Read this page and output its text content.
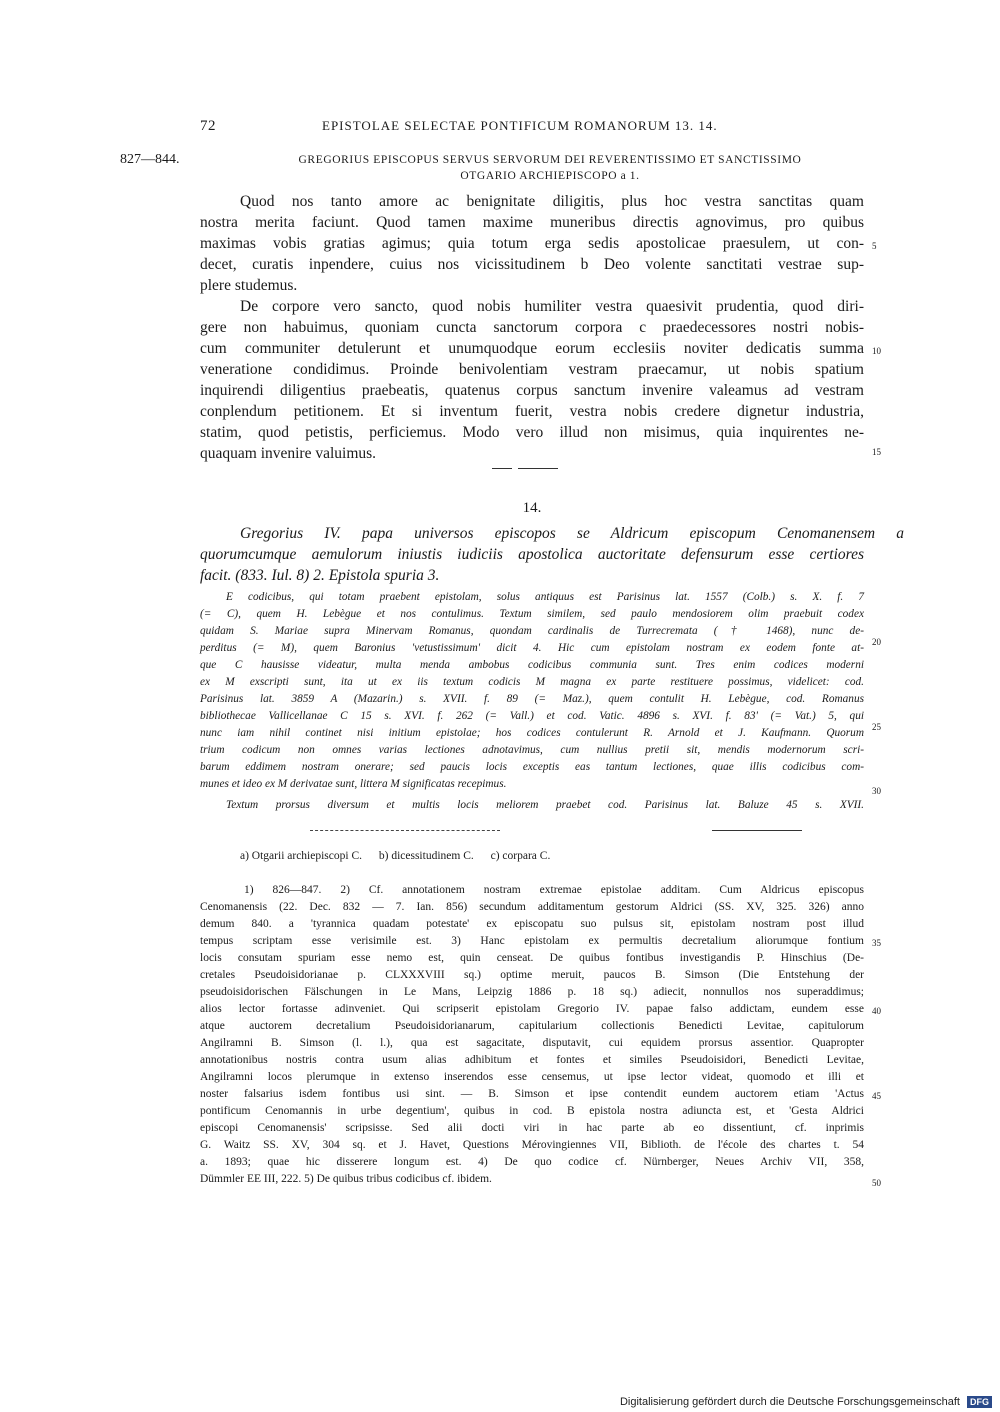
72	EPISTOLAE SELECTAE PONTIFICUM ROMANORUM 13. 14.
827—844.	GREGORIUS EPISCOPUS SERVUS SERVORUM DEI REVERENTISSIMO ET SANCTISSIMO
OTGARIO ARCHIEPISCOPO a 1.
Quod nos tanto amore ac benignitate diligitis, plus hoc vestra sanctitas quam
nostra merita faciunt. Quod tamen maxime muneribus directis agnovimus, pro quibus
maximas vobis gratias agimus; quia totum erga sedis apostolicae praesulem, ut con-
decet, curatis inpendere, cuius nos vicissitudinem b Deo volente sanctitati vestrae sup-
plere studemus.
De corpore vero sancto, quod nobis humiliter vestra quaesivit prudentia, quod diri-
gere non habuimus, quoniam cuncta sanctorum corpora c praedecessores nostri nobis-
cum communiter detulerunt et unumquodque eorum ecclesiis noviter dedicatis summa
veneratione condidimus. Proinde benivolentiam vestram praecamur, ut nobis spatium
inquirendi diligentius praebeatis, quatenus corpus sanctum invenire valeamus ad vestram
conplendum petitionem. Et si inventum fuerit, vestra nobis credere dignetur industria,
statim, quod petistis, perficiemus. Modo vero illud non misimus, quia inquirentes ne-
quaquam invenire valuimus.
5
10
15
14.
Gregorius IV. papa universos episcopos se Aldricum episcopum Cenomanensem a
quorumcumque aemulorum iniustis iudiciis apostolica auctoritate defensurum esse certiores
facit. (833. Iul. 8) 2. Epistola spuria 3.
E codicibus, qui totam praebent epistolam, solus antiquus est Parisinus lat. 1557 (Colb.) s. X. f. 7
(= C), quem H. Lebègue et nos contulimus. Textum similem, sed paulo mendosiorem olim praebuit codex
quidam S. Mariae supra Minervam Romanus, quondam cardinalis de Turrecremata († 1468), nunc de-
perditus (= M), quem Baronius 'vetustissimum' dicit 4. Hic cum epistolam nostram ex eodem fonte at-
que C hausisse videatur, multa menda ambobus codicibus communia sunt. Tres enim codices moderni
ex M exscripti sunt, ita ut ex iis textum codicis M magna ex parte restituere possimus, videlicet: cod.
Parisinus lat. 3859 A (Mazarin.) s. XVII. f. 89 (= Maz.), quem contulit H. Lebègue, cod. Romanus
bibliothecae Vallicellanae C 15 s. XVI. f. 262 (= Vall.) et cod. Vatic. 4896 s. XVI. f. 83' (= Vat.) 5, qui
nunc iam nihil continet nisi initium epistolae; hos codices contulerunt R. Arnold et J. Kaufmann. Quorum
trium codicum non omnes varias lectiones adnotavimus, cum nullius pretii sit, mendis modernorum scri-
barum eddimem nostram onerare; sed paucis locis exceptis eas tantum lectiones, quae illis codicibus com-
munes et ideo ex M derivatae sunt, littera M significatas recepimus.
Textum prorsus diversum et multis locis meliorem praebet cod. Parisinus lat. Baluze 45 s. XVII.
20
25
30
a) Otgarii archiepiscopi C. b) dicessitudinem C. c) corpara C.
1) 826—847. 2) Cf. annotationem nostram extremae epistolae additam. Cum Aldricus episcopus
Cenomanensis (22. Dec. 832 — 7. Ian. 856) secundum additamentum gestorum Aldrici (SS. XV, 325. 326) anno
demum 840. a 'tyrannica quadam potestate' ex episcopatu suo pulsus sit, epistolam nostram post illud
tempus scriptam esse verisimile est. 3) Hanc epistolam ex permultis decretalium aliorumque fontium
locis consutam spuriam esse nemo est, quin censeat. De quibus fontibus investigandis P. Hinschius (De-
cretales Pseudoisidorianae p. CLXXXVIII sq.) optime meruit, paucos B. Simson (Die Entstehung der
pseudoisidorischen Fälschungen in Le Mans, Leipzig 1886 p. 18 sq.) adiecit, nonnullos nos superaddimus;
alios lector fortasse adinveniet. Qui scripserit epistolam Gregorio IV. papae falso addictam, eundem esse
atque auctorem decretalium Pseudoisidorianarum, capitularium collectionis Benedicti Levitae, capitulorum
Angilramni B. Simson (l. l.), qua est sagacitate, disputavit, cui equidem prorsus assentior. Quapropter
annotationibus nostris contra usum alias adhibitum et fontes et similes Pseudoisidori, Benedicti Levitae,
Angilramni locos plerumque in extenso inserendos esse censemus, ut ipse lector videat, quomodo et illi et
noster falsarius isdem fontibus usi sint. — B. Simson et ipse contendit eundem auctorem etiam 'Actus
pontificum Cenomannis in urbe degentium', quibus in cod. B epistola nostra adiuncta est, et 'Gesta Aldrici
episcopi Cenomanensis' scripsisse. Sed alii docti viri in hac parte ab eo dissentiunt, cf. inprimis
G. Waitz SS. XV, 304 sq. et J. Havet, Questions Mérovingiennes VII, Biblioth. de l'école des chartes t. 54
a. 1893; quae hic disserere longum est. 4) De quo codice cf. Nürnberger, Neues Archiv VII, 358,
Dümmler EE III, 222. 5) De quibus tribus codicibus cf. ibidem.
35
40
45
50
Digitalisierung gefördert durch die Deutsche Forschungsgemeinschaft DFG
